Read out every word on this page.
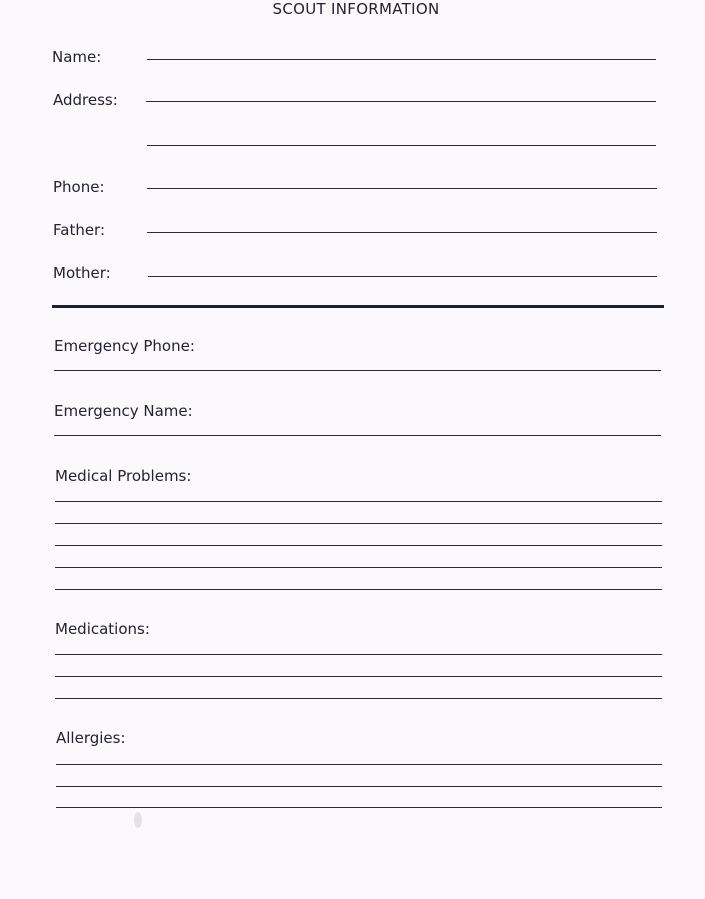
SCOUT INFORMATION
Name:
Address:
Phone:
Father:
Mother:
Emergency Phone:
Emergency Name:
Medical Problems:
Medications:
Allergies:
